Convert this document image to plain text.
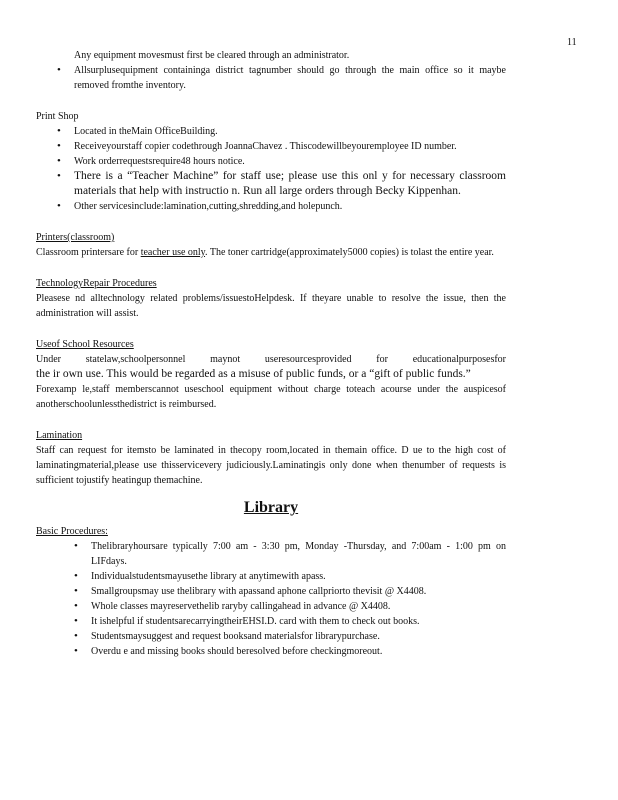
11

Any equipment movesmust first be cleared through an administrator.

• Allsurplusequipment containinga district tagnumber should go through the main office so it maybe removed fromthe inventory.

Print Shop

• Located in theMain OfficeBuilding.
• Receiveyourstaff copier codethrough JoannaChavez . Thiscodewillbeyouremployee ID number.
• Work orderrequestsrequire48 hours notice.
• There is a “Teacher Machine” for staff use; please use this onl y for necessary classroom materials that help with instructio n. Run all large orders through Becky Kippenhan.
• Other servicesinclude:lamination,cutting,shredding,and holepunch.

Printers(classroom)

Classroom printersare for teacher use only. The toner cartridge(approximately5000 copies) is tolast the entire year.

TechnologyRepair Procedures

Pleasese nd alltechnology related problems/issuestoHelpdesk. If theyare unable to resolve the issue, then the administration will assist.

Useof School Resources

Under statelaw,schoolpersonnel maynot useresourcesprovided for educationalpurposesfor

the ir own use. This would be regarded as a misuse of public funds, or a “gift of public funds.”

Forexamp le,staff memberscannot useschool equipment without charge toteach acourse under the auspicesof anotherschoolunlessthedistrict is reimbursed.

Lamination

Staff can request for itemsto be laminated in thecopy room,located in themain office. D ue to the high cost of laminatingmaterial,please use thisservicevery judiciously.Laminatingis only done when thenumber of requests is sufficient tojustify heatingup themachine.

Library

Basic Procedures:

• Thelibraryhoursare typically 7:00 am - 3:30 pm, Monday -Thursday, and 7:00am - 1:00 pm on LIFdays.
• Individualstudentsmayusethe library at anytimewith apass.
• Smallgroupsmay use thelibrary with apassand aphone callpriorto thevisit @ X4408.
• Whole classes mayreservethelib raryby callingahead in advance @ X4408.
• It ishelpful if studentsarecarryingtheirEHSI.D. card with them to check out books.
• Studentsmaysuggest and request booksand materialsfor librarypurchase.
• Overdu e and missing books should beresolved before checkingmoreout.
